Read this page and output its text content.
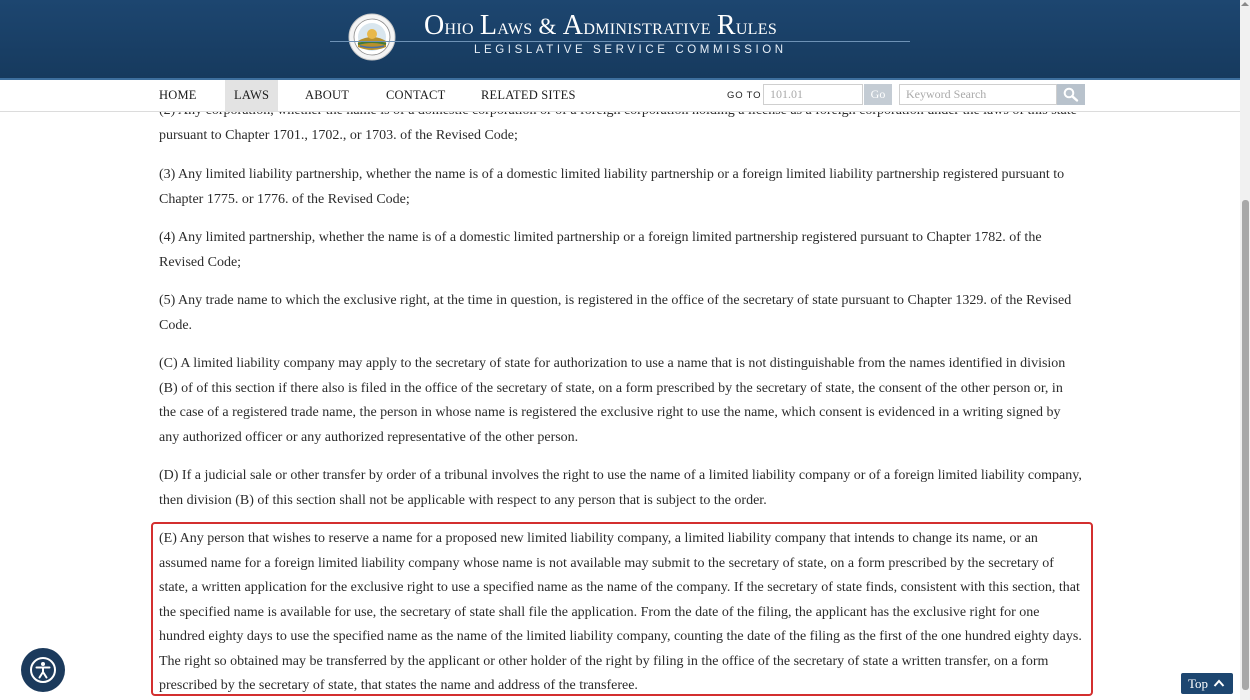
Ohio Laws & Administrative Rules
LEGISLATIVE SERVICE COMMISSION
HOME	LAWS	ABOUT	CONTACT	RELATED SITES	GO TO
101.01	Go
Keyword Search

pursuant to Chapter 1701., 1702., or 1703. of the Revised Code;

(3) Any limited liability partnership, whether the name is of a domestic limited liability partnership or a foreign limited liability partnership registered pursuant to Chapter 1775. or 1776. of the Revised Code;

(4) Any limited partnership, whether the name is of a domestic limited partnership or a foreign limited partnership registered pursuant to Chapter 1782. of the Revised Code;

(5) Any trade name to which the exclusive right, at the time in question, is registered in the office of the secretary of state pursuant to Chapter 1329. of the Revised Code.

(C) A limited liability company may apply to the secretary of state for authorization to use a name that is not distinguishable from the names identified in division (B) of of this section if there also is filed in the office of the secretary of state, on a form prescribed by the secretary of state, the consent of the other person or, in the case of a registered trade name, the person in whose name is registered the exclusive right to use the name, which consent is evidenced in a writing signed by any authorized officer or any authorized representative of the other person.

(D) If a judicial sale or other transfer by order of a tribunal involves the right to use the name of a limited liability company or of a foreign limited liability company, then division (B) of this section shall not be applicable with respect to any person that is subject to the order.

(E) Any person that wishes to reserve a name for a proposed new limited liability company, a limited liability company that intends to change its name, or an assumed name for a foreign limited liability company whose name is not available may submit to the secretary of state, on a form prescribed by the secretary of state, a written application for the exclusive right to use a specified name as the name of the company. If the secretary of state finds, consistent with this section, that the specified name is available for use, the secretary of state shall file the application. From the date of the filing, the applicant has the exclusive right for one hundred eighty days to use the specified name as the name of the limited liability company, counting the date of the filing as the first of the one hundred eighty days. The right so obtained may be transferred by the applicant or other holder of the right by filing in the office of the secretary of state a written transfer, on a form prescribed by the secretary of state, that states the name and address of the transferee.	Top
